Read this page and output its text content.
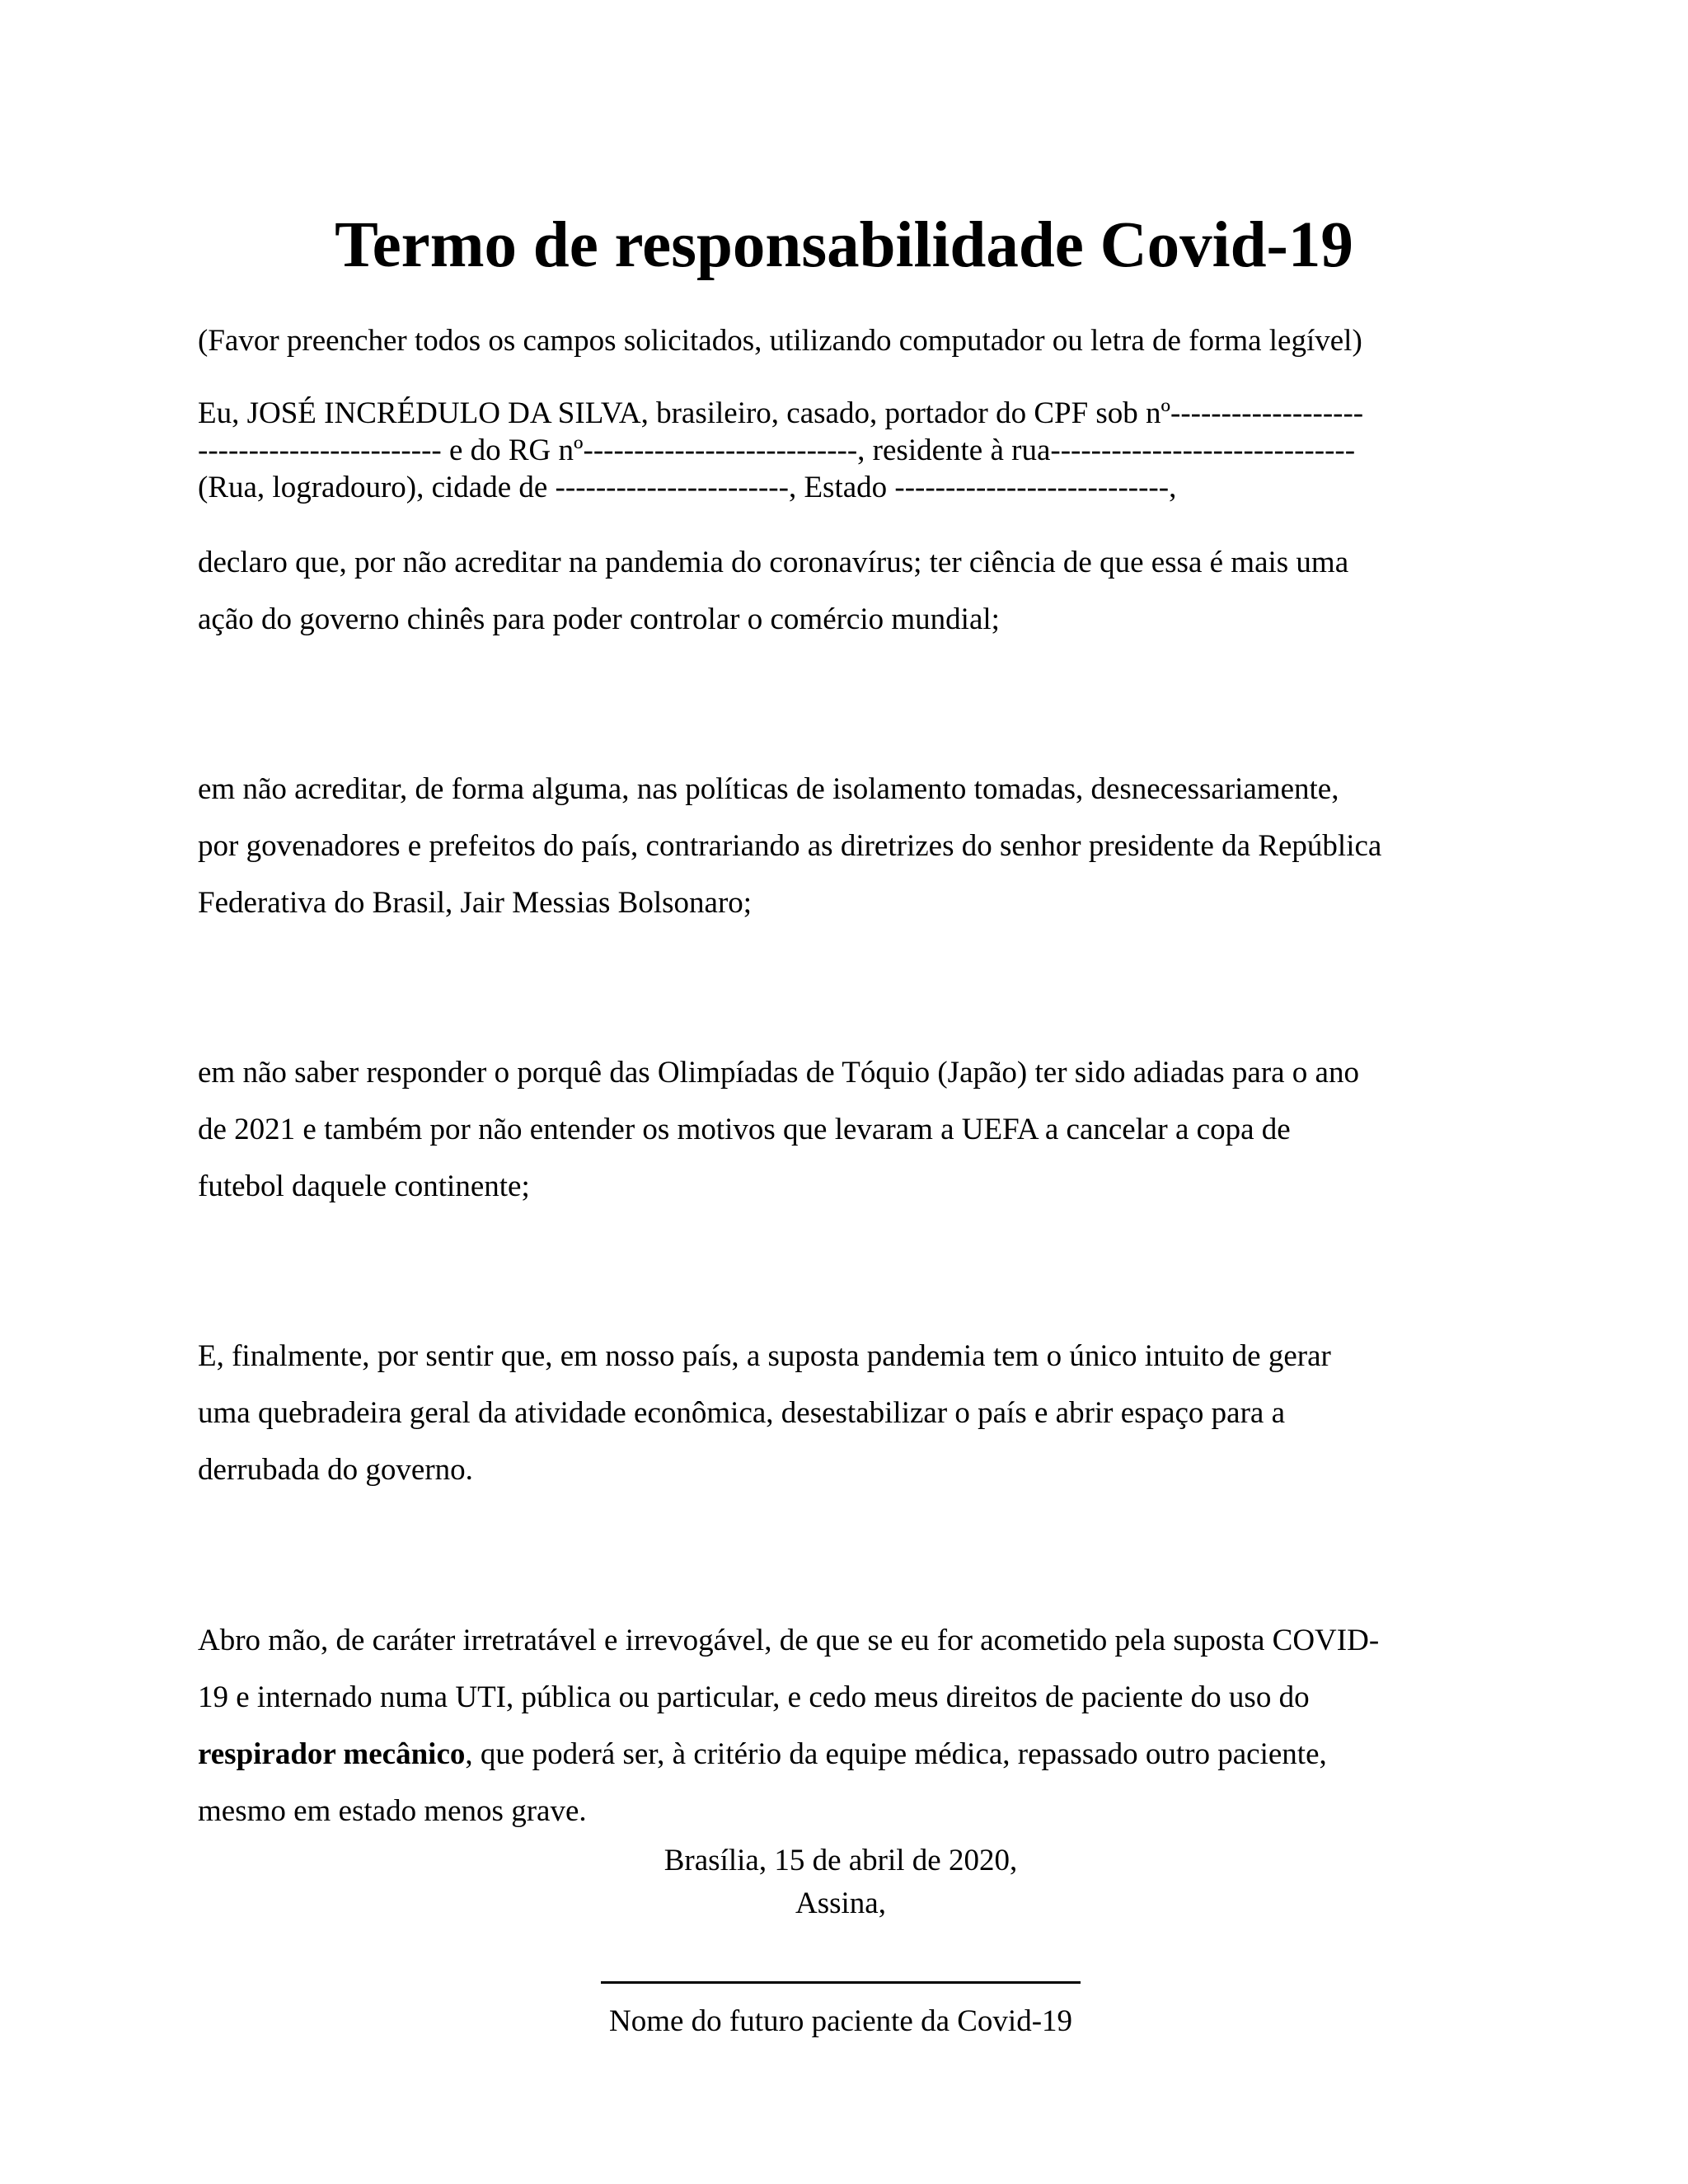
Termo de responsabilidade Covid-19

(Favor preencher todos os campos solicitados, utilizando computador ou letra de forma legível)

Eu, JOSÉ INCRÉDULO DA SILVA, brasileiro, casado, portador do CPF sob nº-------------------
------------------------ e do RG nº---------------------------, residente à rua------------------------------
(Rua, logradouro), cidade de -----------------------, Estado ---------------------------,
declaro que, por não acreditar na pandemia do coronavírus; ter ciência de que essa é mais uma
ação do governo chinês para poder controlar o comércio mundial;
em não acreditar, de forma alguma, nas políticas de isolamento tomadas, desnecessariamente,
por govenadores e prefeitos do país, contrariando as diretrizes do senhor presidente da República
Federativa do Brasil, Jair Messias Bolsonaro;
em não saber responder o porquê das Olimpíadas de Tóquio (Japão) ter sido adiadas para o ano
de 2021 e também por não entender os motivos que levaram a UEFA a cancelar a copa de
futebol daquele continente;
E, finalmente, por sentir que, em nosso país, a suposta pandemia tem o único intuito de gerar
uma quebradeira geral da atividade econômica, desestabilizar o país e abrir espaço para a
derrubada do governo.
Abro mão, de caráter irretratável e irrevogável, de que se eu for acometido pela suposta COVID-
19 e internado numa UTI, pública ou particular, e cedo meus direitos de paciente do uso do
respirador mecânico, que poderá ser, à critério da equipe médica, repassado outro paciente,
mesmo em estado menos grave.
Brasília, 15 de abril de 2020,
Assina,
Nome do futuro paciente da Covid-19
